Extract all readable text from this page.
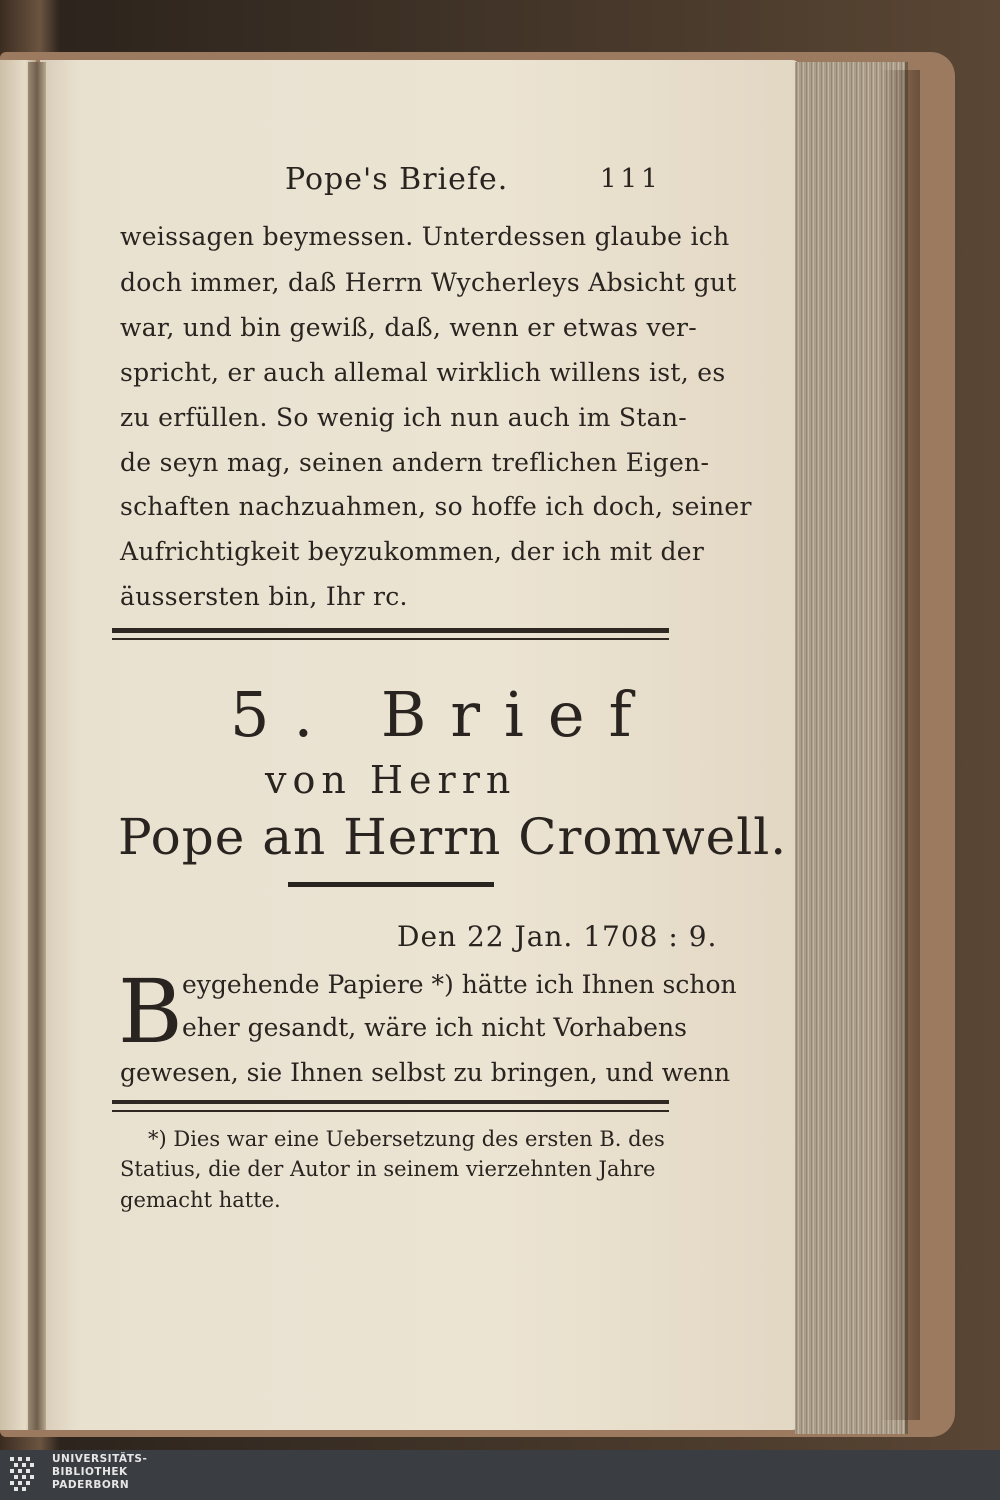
Pope's Briefe.	111
weissagen beymessen. Unterdessen glaube ich
doch immer, daß Herrn Wycherleys Absicht gut
war, und bin gewiß, daß, wenn er etwas ver-
spricht, er auch allemal wirklich willens ist, es
zu erfüllen. So wenig ich nun auch im Stan-
de seyn mag, seinen andern treflichen Eigen-
schaften nachzuahmen, so hoffe ich doch, seiner
Aufrichtigkeit beyzukommen, der ich mit der
äussersten bin, Ihr rc.
5. Brief
von Herrn
Pope an Herrn Cromwell.
Den 22 Jan. 1708 : 9.
B eygehende Papiere *) hätte ich Ihnen schon
eher gesandt, wäre ich nicht Vorhabens
gewesen, sie Ihnen selbst zu bringen, und wenn
*) Dies war eine Uebersetzung des ersten B. des
Statius, die der Autor in seinem vierzehnten Jahre
gemacht hatte.
UNIVERSITÄTS-
BIBLIOTHEK
PADERBORN
